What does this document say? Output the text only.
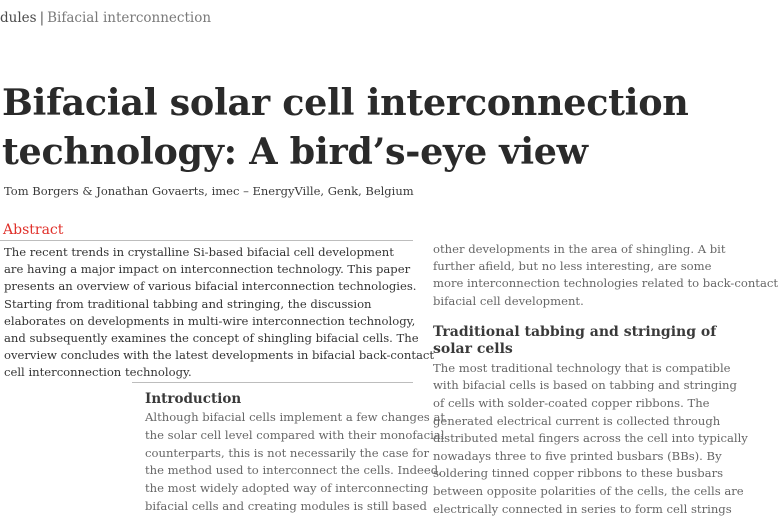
dules | Bifacial interconnection
Bifacial solar cell interconnection
technology: A bird’s-eye view
Tom Borgers & Jonathan Govaerts, imec – EnergyVille, Genk, Belgium
Abstract
The recent trends in crystalline Si-based bifacial cell development
are having a major impact on interconnection technology. This paper
presents an overview of various bifacial interconnection technologies.
Starting from traditional tabbing and stringing, the discussion
elaborates on developments in multi-wire interconnection technology,
and subsequently examines the concept of shingling bifacial cells. The
overview concludes with the latest developments in bifacial back-contact
cell interconnection technology.
Introduction
Although bifacial cells implement a few changes at
the solar cell level compared with their monofacial
counterparts, this is not necessarily the case for
the method used to interconnect the cells. Indeed,
the most widely adopted way of interconnecting
bifacial cells and creating modules is still based
other developments in the area of shingling. A bit
further afield, but no less interesting, are some
more interconnection technologies related to back-contact
bifacial cell development.
Traditional tabbing and stringing of
solar cells
The most traditional technology that is compatible
with bifacial cells is based on tabbing and stringing
of cells with solder-coated copper ribbons. The
generated electrical current is collected through
distributed metal fingers across the cell into typically
nowadays three to five printed busbars (BBs). By
soldering tinned copper ribbons to these busbars
between opposite polarities of the cells, the cells are
electrically connected in series to form cell strings
